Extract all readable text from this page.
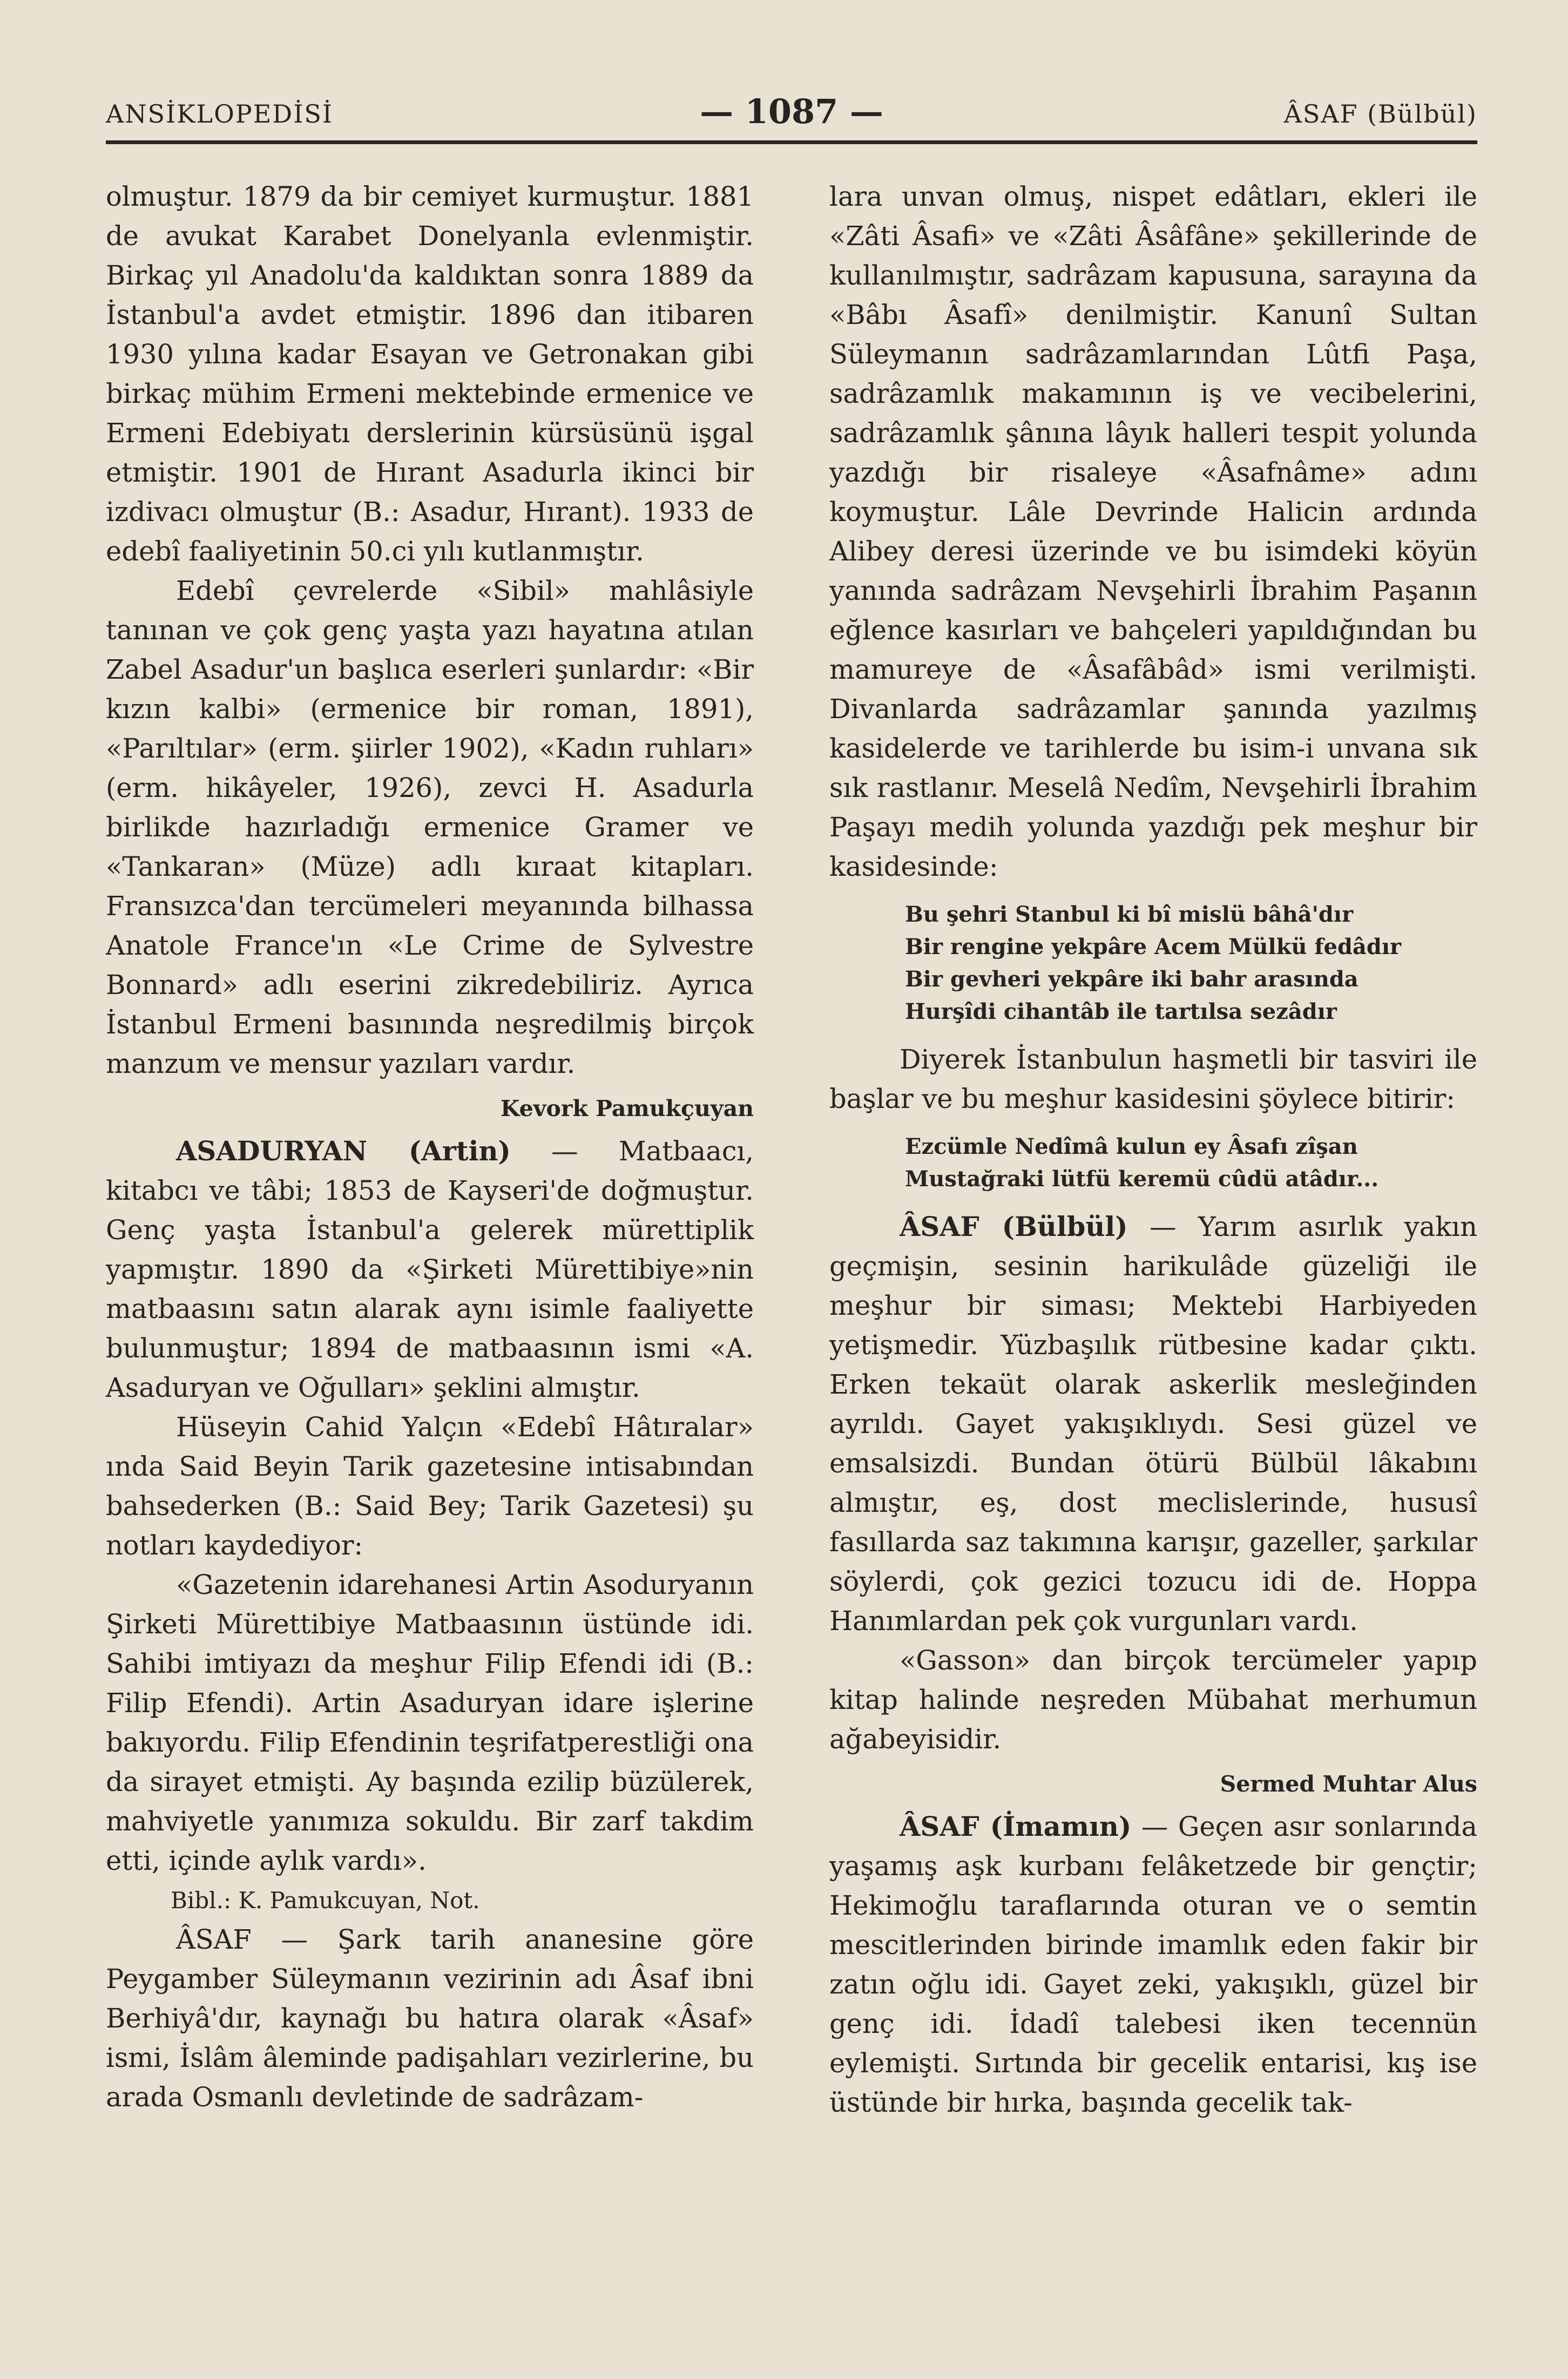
ANSİKLOPEDİSİ	— 1087 —	ÂSAF (Bülbül)

olmuştur. 1879 da bir cemiyet kurmuştur. 1881 de avukat Karabet Donelyanla evlenmiştir. Birkaç yıl Anadolu'da kaldıktan sonra 1889 da İstanbul'a avdet etmiştir. 1896 dan itibaren 1930 yılına kadar Esayan ve Getronakan gibi birkaç mühim Ermeni mektebinde ermenice ve Ermeni Edebiyatı derslerinin kürsüsünü işgal etmiştir. 1901 de Hırant Asadurla ikinci bir izdivacı olmuştur (B.: Asadur, Hırant). 1933 de edebî faaliyetinin 50.ci yılı kutlanmıştır.

Edebî çevrelerde «Sibil» mahlâsiyle tanınan ve çok genç yaşta yazı hayatına atılan Zabel Asadur'un başlıca eserleri şunlardır: «Bir kızın kalbi» (ermenice bir roman, 1891), «Parıltılar» (erm. şiirler 1902), «Kadın ruhları» (erm. hikâyeler, 1926), zevci H. Asadurla birlikde hazırladığı ermenice Gramer ve «Tankaran» (Müze) adlı kıraat kitapları. Fransızca'dan tercümeleri meyanında bilhassa Anatole France'ın «Le Crime de Sylvestre Bonnard» adlı eserini zikredebiliriz. Ayrıca İstanbul Ermeni basınında neşredilmiş birçok manzum ve mensur yazıları vardır.

Kevork Pamukçuyan

ASADURYAN (Artin) — Matbaacı, kitabcı ve tâbi; 1853 de Kayseri'de doğmuştur. Genç yaşta İstanbul'a gelerek mürettiplik yapmıştır. 1890 da «Şirketi Mürettibiye»nin matbaasını satın alarak aynı isimle faaliyette bulunmuştur; 1894 de matbaasının ismi «A. Asaduryan ve Oğulları» şeklini almıştır.

Hüseyin Cahid Yalçın «Edebî Hâtıralar» ında Said Beyin Tarik gazetesine intisabından bahsederken (B.: Said Bey; Tarik Gazetesi) şu notları kaydediyor:

«Gazetenin idarehanesi Artin Asoduryanın Şirketi Mürettibiye Matbaasının üstünde idi. Sahibi imtiyazı da meşhur Filip Efendi idi (B.: Filip Efendi). Artin Asaduryan idare işlerine bakıyordu. Filip Efendinin teşrifatperestliği ona da sirayet etmişti. Ay başında ezilip büzülerek, mahviyetle yanımıza sokuldu. Bir zarf takdim etti, içinde aylık vardı».

Bibl.: K. Pamukcuyan, Not.

ÂSAF — Şark tarih ananesine göre Peygamber Süleymanın vezirinin adı Âsaf ibni Berhiyâ'dır, kaynağı bu hatıra olarak «Âsaf» ismi, İslâm âleminde padişahları vezirlerine, bu arada Osmanlı devletinde de sadrâzam-

lara unvan olmuş, nispet edâtları, ekleri ile «Zâti Âsafi» ve «Zâti Âsâfâne» şekillerinde de kullanılmıştır, sadrâzam kapusuna, sarayına da «Bâbı Âsafî» denilmiştir. Kanunî Sultan Süleymanın sadrâzamlarından Lûtfi Paşa, sadrâzamlık makamının iş ve vecibelerini, sadrâzamlık şânına lâyık halleri tespit yolunda yazdığı bir risaleye «Âsafnâme» adını koymuştur. Lâle Devrinde Halicin ardında Alibey deresi üzerinde ve bu isimdeki köyün yanında sadrâzam Nevşehirli İbrahim Paşanın eğlence kasırları ve bahçeleri yapıldığından bu mamureye de «Âsafâbâd» ismi verilmişti. Divanlarda sadrâzamlar şanında yazılmış kasidelerde ve tarihlerde bu isim-i unvana sık sık rastlanır. Meselâ Nedîm, Nevşehirli İbrahim Paşayı medih yolunda yazdığı pek meşhur bir kasidesinde:

Bu şehri Stanbul ki bî mislü bâhâ'dır
Bir rengine yekpâre Acem Mülkü fedâdır
Bir gevheri yekpâre iki bahr arasında
Hurşîdi cihantâb ile tartılsa sezâdır

Diyerek İstanbulun haşmetli bir tasviri ile başlar ve bu meşhur kasidesini şöylece bitirir:

Ezcümle Nedîmâ kulun ey Âsafı zîşan
Mustağraki lütfü keremü cûdü atâdır...

ÂSAF (Bülbül) — Yarım asırlık yakın geçmişin, sesinin harikulâde güzeliği ile meşhur bir siması; Mektebi Harbiyeden yetişmedir. Yüzbaşılık rütbesine kadar çıktı. Erken tekaüt olarak askerlik mesleğinden ayrıldı. Gayet yakışıklıydı. Sesi güzel ve emsalsizdi. Bundan ötürü Bülbül lâkabını almıştır, eş, dost meclislerinde, hususî fasıllarda saz takımına karışır, gazeller, şarkılar söylerdi, çok gezici tozucu idi de. Hoppa Hanımlardan pek çok vurgunları vardı.

«Gasson» dan birçok tercümeler yapıp kitap halinde neşreden Mübahat merhumun ağabeyisidir.

Sermed Muhtar Alus

ÂSAF (İmamın) — Geçen asır sonlarında yaşamış aşk kurbanı felâketzede bir gençtir; Hekimoğlu taraflarında oturan ve o semtin mescitlerinden birinde imamlık eden fakir bir zatın oğlu idi. Gayet zeki, yakışıklı, güzel bir genç idi. İdadî talebesi iken tecennün eylemişti. Sırtında bir gecelik entarisi, kış ise üstünde bir hırka, başında gecelik tak-
